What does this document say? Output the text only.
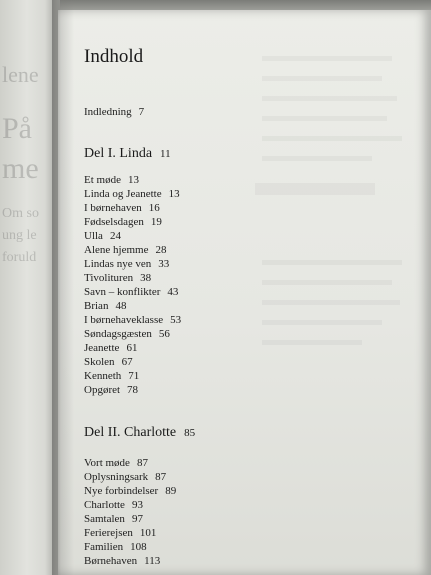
lene
På
me
Om so
ung le
foruld
Indhold
Indledning 7
Del I. Linda 11
Et møde 13
Linda og Jeanette 13
I børnehaven 16
Fødselsdagen 19
Ulla 24
Alene hjemme 28
Lindas nye ven 33
Tivolituren 38
Savn – konflikter 43
Brian 48
I børnehaveklasse 53
Søndagsgæsten 56
Jeanette 61
Skolen 67
Kenneth 71
Opgøret 78
Del II. Charlotte 85
Vort møde 87
Oplysningsark 87
Nye forbindelser 89
Charlotte 93
Samtalen 97
Ferierejsen 101
Familien 108
Børnehaven 113
